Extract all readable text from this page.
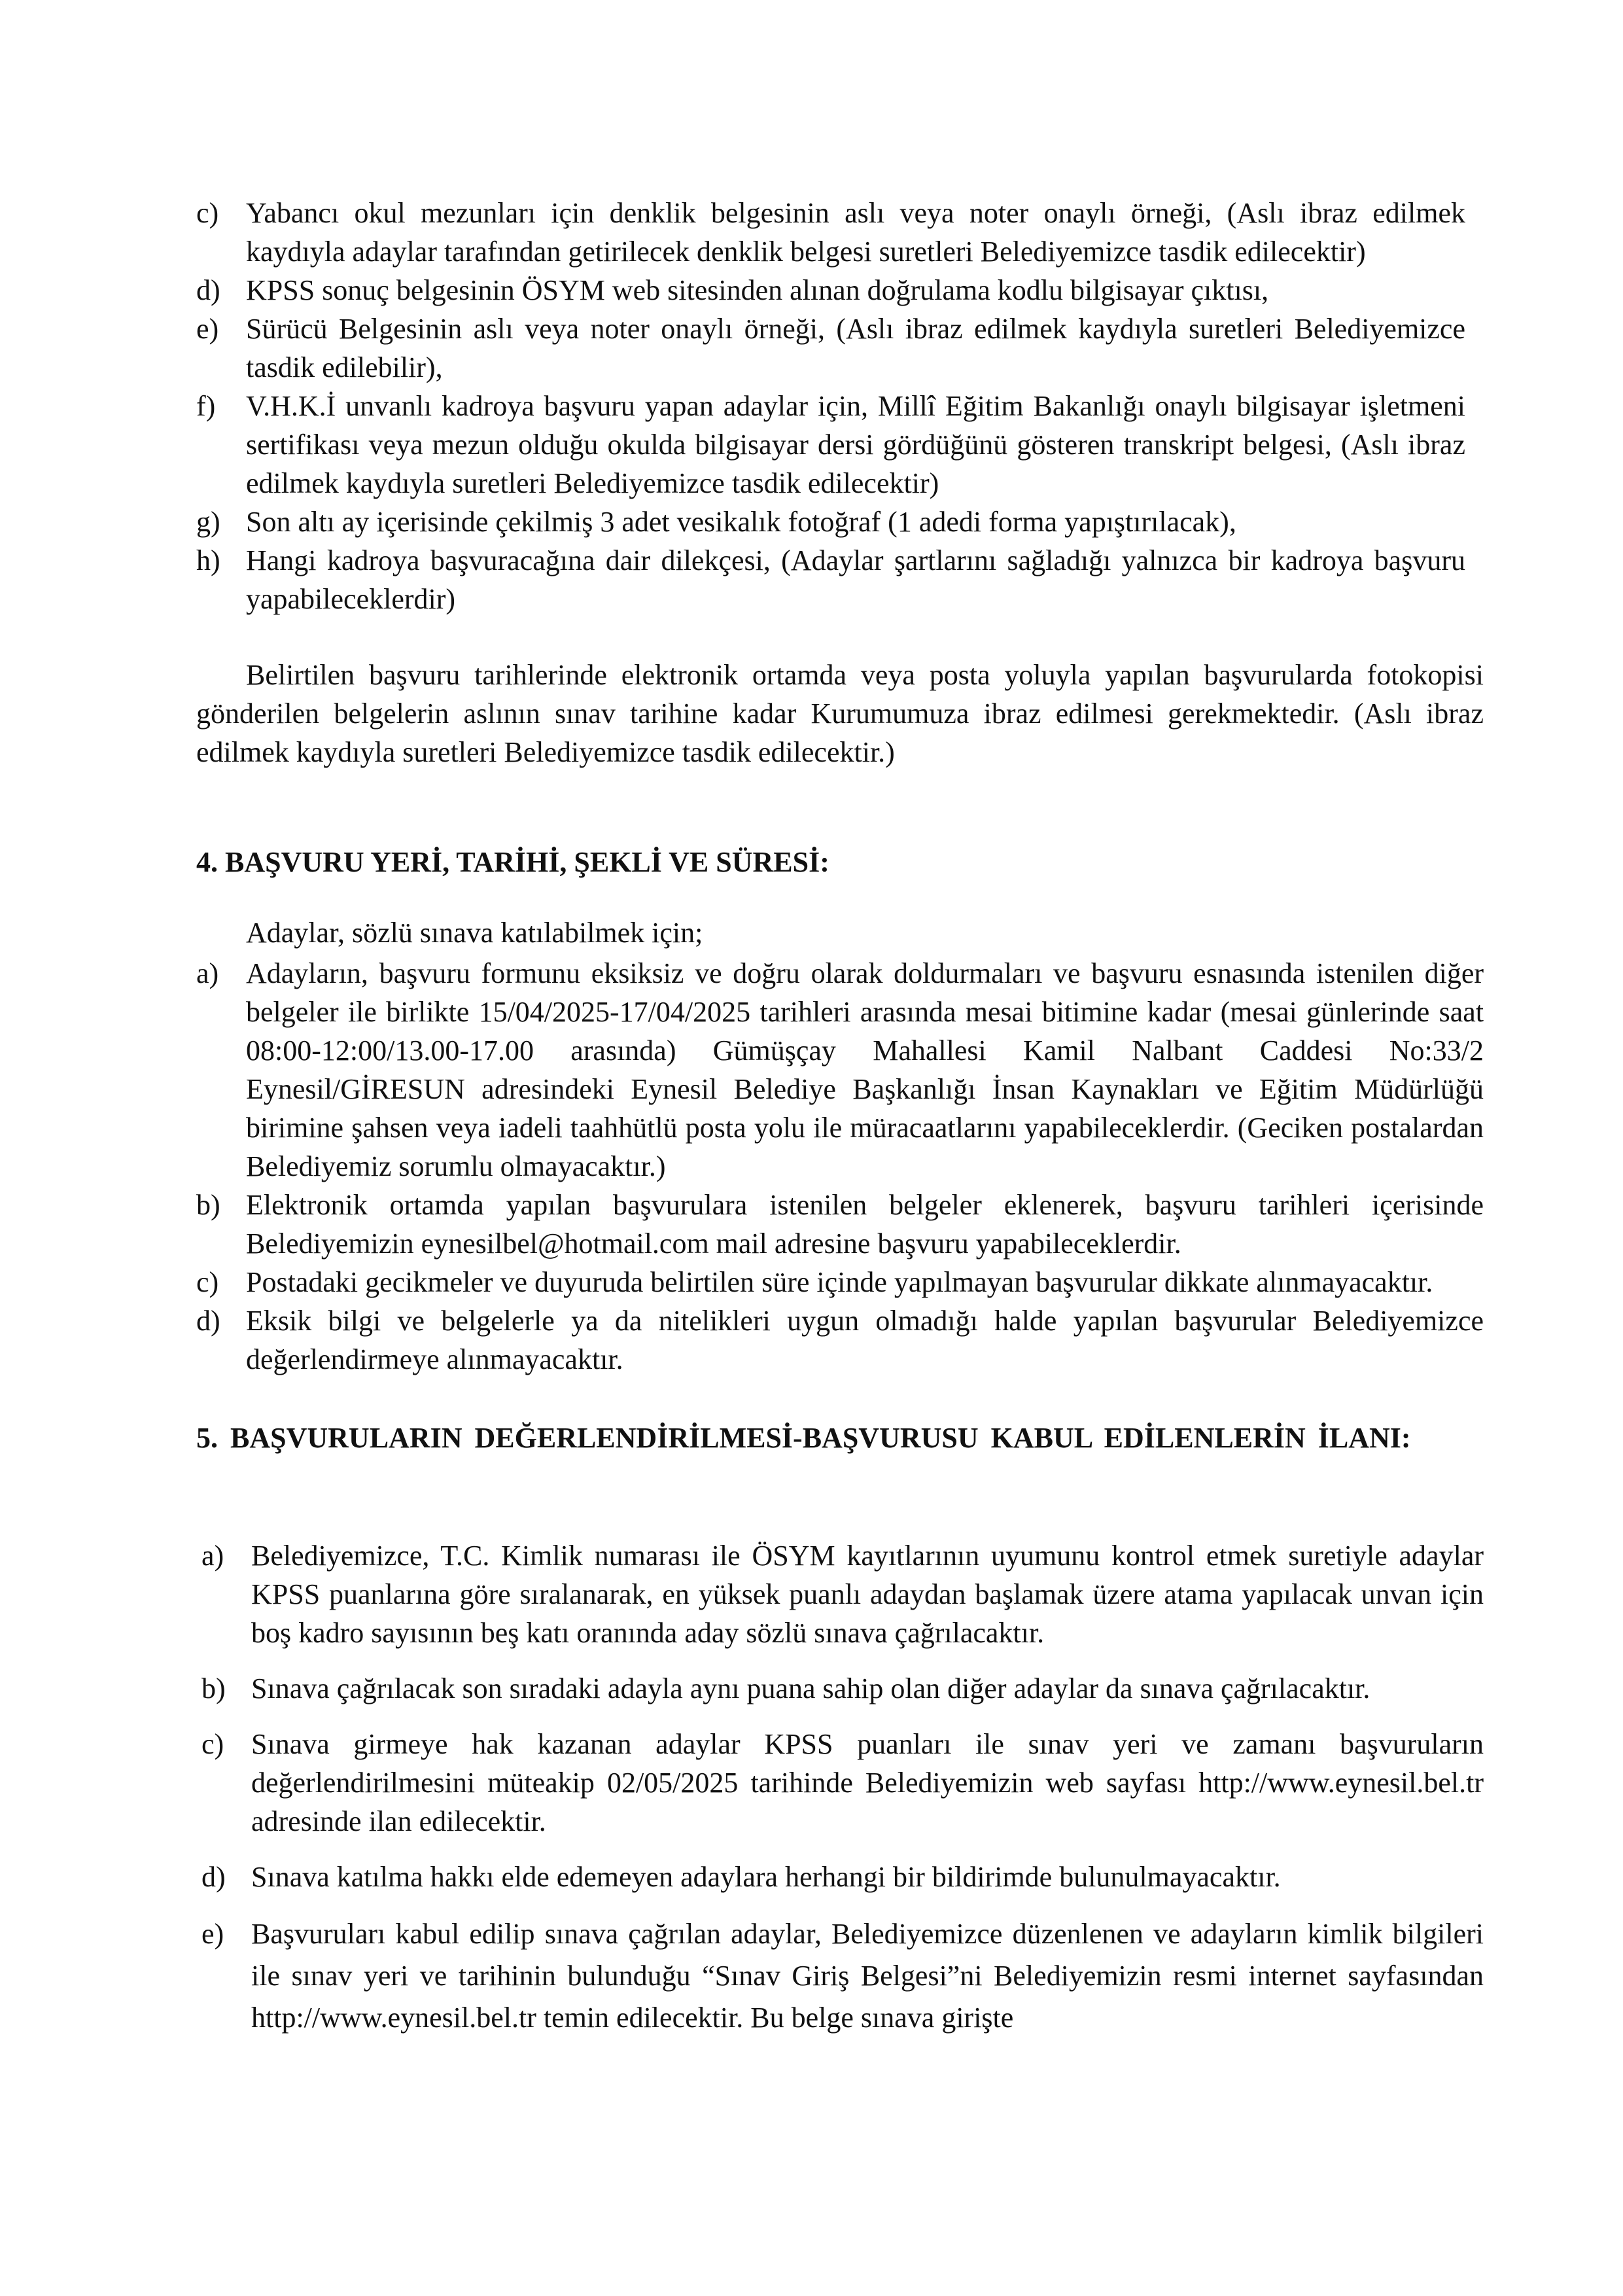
c) Yabancı okul mezunları için denklik belgesinin aslı veya noter onaylı örneği, (Aslı ibraz edilmek kaydıyla adaylar tarafından getirilecek denklik belgesi suretleri Belediyemizce tasdik edilecektir)
d) KPSS sonuç belgesinin ÖSYM web sitesinden alınan doğrulama kodlu bilgisayar çıktısı,
e) Sürücü Belgesinin aslı veya noter onaylı örneği, (Aslı ibraz edilmek kaydıyla suretleri Belediyemizce tasdik edilebilir),
f) V.H.K.İ unvanlı kadroya başvuru yapan adaylar için, Millî Eğitim Bakanlığı onaylı bilgisayar işletmeni sertifikası veya mezun olduğu okulda bilgisayar dersi gördüğünü gösteren transkript belgesi, (Aslı ibraz edilmek kaydıyla suretleri Belediyemizce tasdik edilecektir)
g) Son altı ay içerisinde çekilmiş 3 adet vesikalık fotoğraf (1 adedi forma yapıştırılacak),
h) Hangi kadroya başvuracağına dair dilekçesi, (Adaylar şartlarını sağladığı yalnızca bir kadroya başvuru yapabileceklerdir)

Belirtilen başvuru tarihlerinde elektronik ortamda veya posta yoluyla yapılan başvurularda fotokopisi gönderilen belgelerin aslının sınav tarihine kadar Kurumumuza ibraz edilmesi gerekmektedir. (Aslı ibraz edilmek kaydıyla suretleri Belediyemizce tasdik edilecektir.)

4. BAŞVURU YERİ, TARİHİ, ŞEKLİ VE SÜRESİ:

Adaylar, sözlü sınava katılabilmek için;

a) Adayların, başvuru formunu eksiksiz ve doğru olarak doldurmaları ve başvuru esnasında istenilen diğer belgeler ile birlikte 15/04/2025-17/04/2025 tarihleri arasında mesai bitimine kadar (mesai günlerinde saat 08:00-12:00/13.00-17.00 arasında) Gümüşçay Mahallesi Kamil Nalbant Caddesi No:33/2 Eynesil/GİRESUN adresindeki Eynesil Belediye Başkanlığı İnsan Kaynakları ve Eğitim Müdürlüğü birimine şahsen veya iadeli taahhütlü posta yolu ile müracaatlarını yapabileceklerdir. (Geciken postalardan Belediyemiz sorumlu olmayacaktır.)
b) Elektronik ortamda yapılan başvurulara istenilen belgeler eklenerek, başvuru tarihleri içerisinde Belediyemizin eynesilbel@hotmail.com mail adresine başvuru yapabileceklerdir.
c) Postadaki gecikmeler ve duyuruda belirtilen süre içinde yapılmayan başvurular dikkate alınmayacaktır.
d) Eksik bilgi ve belgelerle ya da nitelikleri uygun olmadığı halde yapılan başvurular Belediyemizce değerlendirmeye alınmayacaktır.
5. BAŞVURULARIN DEĞERLENDİRİLMESİ-BAŞVURUSU KABUL EDİLENLERİN İLANI:
a) Belediyemizce, T.C. Kimlik numarası ile ÖSYM kayıtlarının uyumunu kontrol etmek suretiyle adaylar KPSS puanlarına göre sıralanarak, en yüksek puanlı adaydan başlamak üzere atama yapılacak unvan için boş kadro sayısının beş katı oranında aday sözlü sınava çağrılacaktır.
b) Sınava çağrılacak son sıradaki adayla aynı puana sahip olan diğer adaylar da sınava çağrılacaktır.
c) Sınava girmeye hak kazanan adaylar KPSS puanları ile sınav yeri ve zamanı başvuruların değerlendirilmesini müteakip 02/05/2025 tarihinde Belediyemizin web sayfası http://www.eynesil.bel.tr adresinde ilan edilecektir.
d) Sınava katılma hakkı elde edemeyen adaylara herhangi bir bildirimde bulunulmayacaktır.
e) Başvuruları kabul edilip sınava çağrılan adaylar, Belediyemizce düzenlenen ve adayların kimlik bilgileri ile sınav yeri ve tarihinin bulunduğu “Sınav Giriş Belgesi”ni Belediyemizin resmi internet sayfasından http://www.eynesil.bel.tr temin edilecektir. Bu belge sınava girişte
